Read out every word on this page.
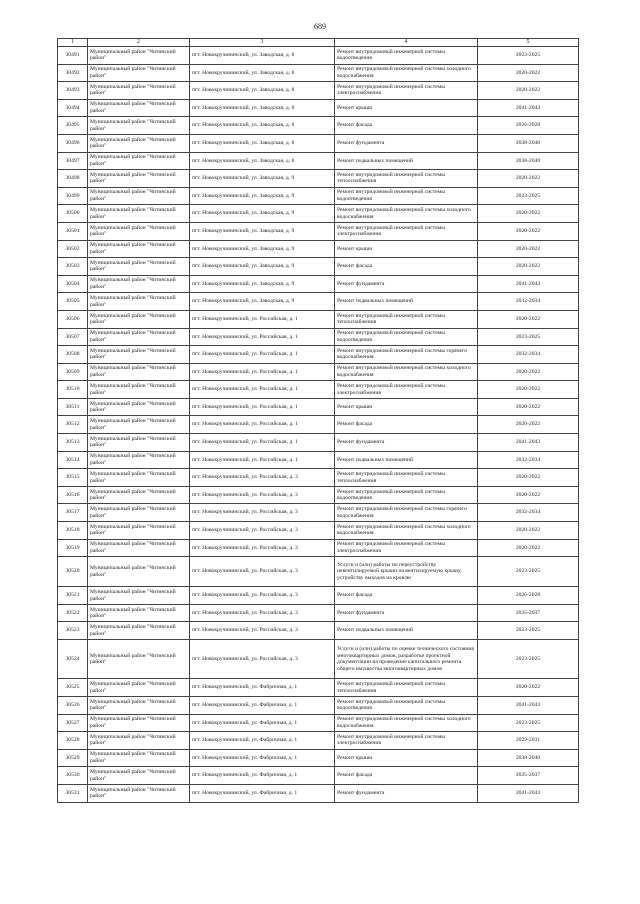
689
1	2	3	4	5
30491	Муниципальный район "Читинский район"	пгт. Новокручининский, ул. Заводская, д. 8	Ремонт внутридомовой инженерной системы водоотведения	2023-2025
30492	Муниципальный район "Читинский район"	пгт. Новокручининский, ул. Заводская, д. 8	Ремонт внутридомовой инженерной системы холодного водоснабжения	2020-2022
30493	Муниципальный район "Читинский район"	пгт. Новокручининский, ул. Заводская, д. 8	Ремонт внутридомовой инженерной системы электроснабжения	2020-2022
30494	Муниципальный район "Читинский район"	пгт. Новокручининский, ул. Заводская, д. 8	Ремонт крыши	2041-2043
30495	Муниципальный район "Читинский район"	пгт. Новокручининский, ул. Заводская, д. 8	Ремонт фасада	2026-2028
30496	Муниципальный район "Читинский район"	пгт. Новокручининский, ул. Заводская, д. 8	Ремонт фундамента	2038-2040
30497	Муниципальный район "Читинский район"	пгт. Новокручининский, ул. Заводская, д. 8	Ремонт подвальных помещений	2038-2040
30498	Муниципальный район "Читинский район"	пгт. Новокручининский, ул. Заводская, д. 9	Ремонт внутридомовой инженерной системы теплоснабжения	2020-2022
30499	Муниципальный район "Читинский район"	пгт. Новокручининский, ул. Заводская, д. 9	Ремонт внутридомовой инженерной системы водоотведения	2023-2025
30500	Муниципальный район "Читинский район"	пгт. Новокручининский, ул. Заводская, д. 9	Ремонт внутридомовой инженерной системы холодного водоснабжения	2020-2022
30501	Муниципальный район "Читинский район"	пгт. Новокручининский, ул. Заводская, д. 9	Ремонт внутридомовой инженерной системы электроснабжения	2020-2022
30502	Муниципальный район "Читинский район"	пгт. Новокручининский, ул. Заводская, д. 9	Ремонт крыши	2020-2022
30503	Муниципальный район "Читинский район"	пгт. Новокручининский, ул. Заводская, д. 9	Ремонт фасада	2020-2022
30504	Муниципальный район "Читинский район"	пгт. Новокручининский, ул. Заводская, д. 9	Ремонт фундамента	2041-2043
30505	Муниципальный район "Читинский район"	пгт. Новокручининский, ул. Заводская, д. 9	Ремонт подвальных помещений	2032-2034
30506	Муниципальный район "Читинский район"	пгт. Новокручининский, ул. Российская, д. 1	Ремонт внутридомовой инженерной системы теплоснабжения	2020-2022
30507	Муниципальный район "Читинский район"	пгт. Новокручининский, ул. Российская, д. 1	Ремонт внутридомовой инженерной системы водоотведения	2023-2025
30508	Муниципальный район "Читинский район"	пгт. Новокручининский, ул. Российская, д. 1	Ремонт внутридомовой инженерной системы горячего водоснабжения	2032-2034
30509	Муниципальный район "Читинский район"	пгт. Новокручининский, ул. Российская, д. 1	Ремонт внутридомовой инженерной системы холодного водоснабжения	2020-2022
30510	Муниципальный район "Читинский район"	пгт. Новокручининский, ул. Российская, д. 1	Ремонт внутридомовой инженерной системы электроснабжения	2020-2022
30511	Муниципальный район "Читинский район"	пгт. Новокручининский, ул. Российская, д. 1	Ремонт крыши	2020-2022
30512	Муниципальный район "Читинский район"	пгт. Новокручининский, ул. Российская, д. 1	Ремонт фасада	2020-2022
30513	Муниципальный район "Читинский район"	пгт. Новокручининский, ул. Российская, д. 1	Ремонт фундамента	2041-2043
30514	Муниципальный район "Читинский район"	пгт. Новокручининский, ул. Российская, д. 1	Ремонт подвальных помещений	2032-2034
30515	Муниципальный район "Читинский район"	пгт. Новокручининский, ул. Российская, д. 3	Ремонт внутридомовой инженерной системы теплоснабжения	2020-2022
30516	Муниципальный район "Читинский район"	пгт. Новокручининский, ул. Российская, д. 3	Ремонт внутридомовой инженерной системы водоотведения	2020-2022
30517	Муниципальный район "Читинский район"	пгт. Новокручининский, ул. Российская, д. 3	Ремонт внутридомовой инженерной системы горячего водоснабжения	2032-2034
30518	Муниципальный район "Читинский район"	пгт. Новокручининский, ул. Российская, д. 3	Ремонт внутридомовой инженерной системы холодного водоснабжения	2020-2022
30519	Муниципальный район "Читинский район"	пгт. Новокручининский, ул. Российская, д. 3	Ремонт внутридомовой инженерной системы электроснабжения	2020-2022
30520	Муниципальный район "Читинский район"	пгт. Новокручининский, ул. Российская, д. 3	Услуги и (или) работы по переустройству невентилируемой крыши на вентилируемую крышу, устройству выходов на кровлю	2023-2025
30521	Муниципальный район "Читинский район"	пгт. Новокручининский, ул. Российская, д. 3	Ремонт фасада	2026-2028
30522	Муниципальный район "Читинский район"	пгт. Новокручининский, ул. Российская, д. 3	Ремонт фундамента	2035-2037
30523	Муниципальный район "Читинский район"	пгт. Новокручининский, ул. Российская, д. 3	Ремонт подвальных помещений	2023-2025
30524	Муниципальный район "Читинский район"	пгт. Новокручининский, ул. Российская, д. 3	Услуги и (или) работы по оценке технического состояния многоквартирных домов, разработке проектной документации на проведение капитального ремонта общего имущества многоквартирных домов	2023-2025
30525	Муниципальный район "Читинский район"	пгт. Новокручининский, ул. Фабричная, д. 1	Ремонт внутридомовой инженерной системы теплоснабжения	2020-2022
30526	Муниципальный район "Читинский район"	пгт. Новокручининский, ул. Фабричная, д. 1	Ремонт внутридомовой инженерной системы водоотведения	2041-2043
30527	Муниципальный район "Читинский район"	пгт. Новокручининский, ул. Фабричная, д. 1	Ремонт внутридомовой инженерной системы холодного водоснабжения	2023-2025
30528	Муниципальный район "Читинский район"	пгт. Новокручининский, ул. Фабричная, д. 1	Ремонт внутридомовой инженерной системы электроснабжения	2029-2031
30529	Муниципальный район "Читинский район"	пгт. Новокручининский, ул. Фабричная, д. 1	Ремонт крыши	2038-2040
30530	Муниципальный район "Читинский район"	пгт. Новокручининский, ул. Фабричная, д. 1	Ремонт фасада	2035-2037
30531	Муниципальный район "Читинский район"	пгт. Новокручининский, ул. Фабричная, д. 1	Ремонт фундамента	2041-2043
